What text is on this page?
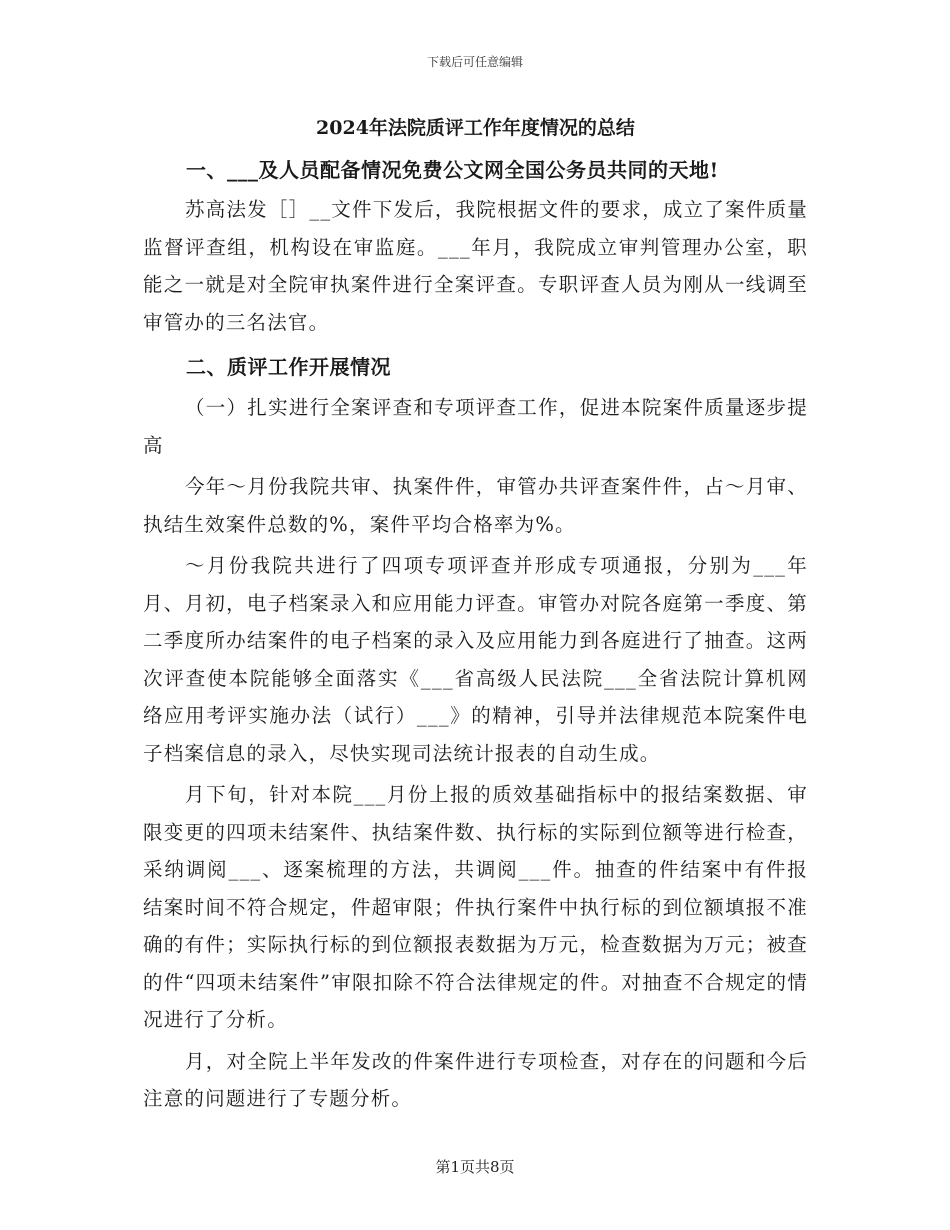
下载后可任意编辑
2024年法院质评工作年度情况的总结

一、___及人员配备情况免费公文网全国公务员共同的天地!

苏高法发［］__文件下发后，我院根据文件的要求，成立了案件质量监督评查组，机构设在审监庭。___年月，我院成立审判管理办公室，职能之一就是对全院审执案件进行全案评查。专职评查人员为刚从一线调至审管办的三名法官。

二、质评工作开展情况

（一）扎实进行全案评查和专项评查工作，促进本院案件质量逐步提高

今年～月份我院共审、执案件件，审管办共评查案件件，占～月审、执结生效案件总数的%，案件平均合格率为%。

～月份我院共进行了四项专项评查并形成专项通报，分别为___年月、月初，电子档案录入和应用能力评查。审管办对院各庭第一季度、第二季度所办结案件的电子档案的录入及应用能力到各庭进行了抽查。这两次评查使本院能够全面落实《___省高级人民法院___全省法院计算机网络应用考评实施办法（试行）___》的精神，引导并法律规范本院案件电子档案信息的录入，尽快实现司法统计报表的自动生成。

月下旬，针对本院___月份上报的质效基础指标中的报结案数据、审限变更的四项未结案件、执结案件数、执行标的实际到位额等进行检查，采纳调阅___、逐案梳理的方法，共调阅___件。抽查的件结案中有件报结案时间不符合规定，件超审限；件执行案件中执行标的到位额填报不准确的有件；实际执行标的到位额报表数据为万元，检查数据为万元；被查的件“四项未结案件”审限扣除不符合法律规定的件。对抽查不合规定的情况进行了分析。

月，对全院上半年发改的件案件进行专项检查，对存在的问题和今后注意的问题进行了专题分析。

第1页共8页
